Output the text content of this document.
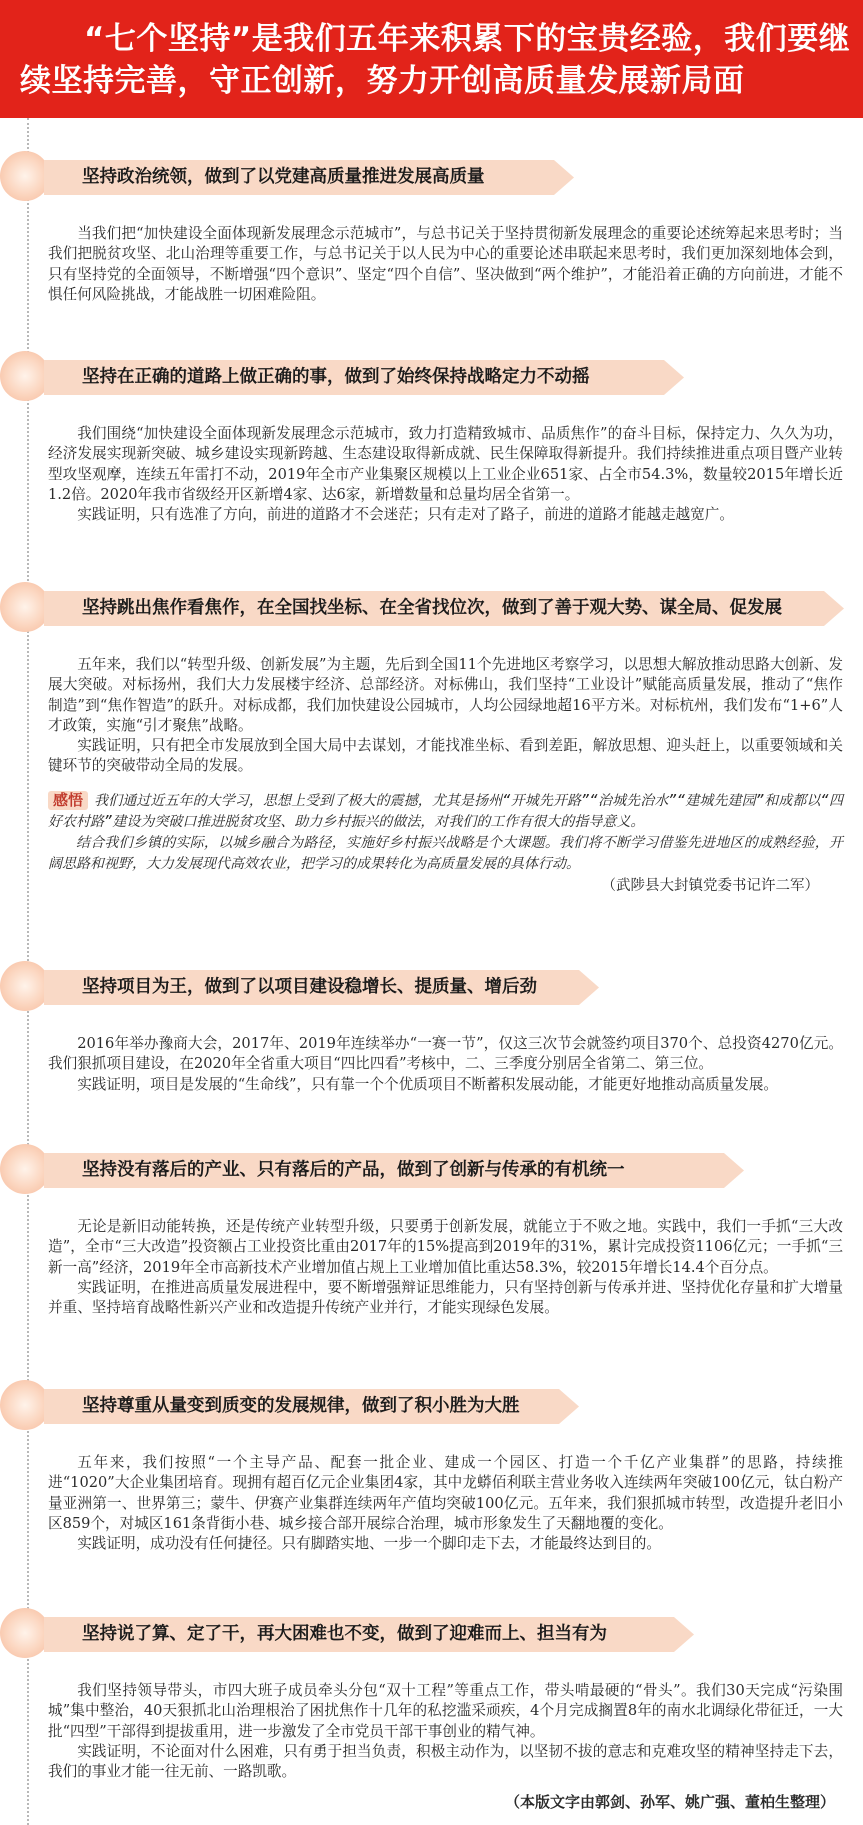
“七个坚持”是我们五年来积累下的宝贵经验，我们要继续坚持完善，守正创新，努力开创高质量发展新局面
坚持政治统领，做到了以党建高质量推进发展高质量

当我们把“加快建设全面体现新发展理念示范城市”，与总书记关于坚持贯彻新发展理念的重要论述统筹起来思考时；当我们把脱贫攻坚、北山治理等重要工作，与总书记关于以人民为中心的重要论述串联起来思考时，我们更加深刻地体会到，只有坚持党的全面领导，不断增强“四个意识”、坚定“四个自信”、坚决做到“两个维护”，才能沿着正确的方向前进，才能不惧任何风险挑战，才能战胜一切困难险阻。

坚持在正确的道路上做正确的事，做到了始终保持战略定力不动摇

我们围绕“加快建设全面体现新发展理念示范城市，致力打造精致城市、品质焦作”的奋斗目标，保持定力、久久为功，经济发展实现新突破、城乡建设实现新跨越、生态建设取得新成就、民生保障取得新提升。我们持续推进重点项目暨产业转型攻坚观摩，连续五年雷打不动，2019年全市产业集聚区规模以上工业企业651家、占全市54.3%，数量较2015年增长近1.2倍。2020年我市省级经开区新增4家、达6家，新增数量和总量均居全省第一。

实践证明，只有选准了方向，前进的道路才不会迷茫；只有走对了路子，前进的道路才能越走越宽广。

坚持跳出焦作看焦作，在全国找坐标、在全省找位次，做到了善于观大势、谋全局、促发展

五年来，我们以“转型升级、创新发展”为主题，先后到全国11个先进地区考察学习，以思想大解放推动思路大创新、发展大突破。对标扬州，我们大力发展楼宇经济、总部经济。对标佛山，我们坚持“工业设计”赋能高质量发展，推动了“焦作制造”到“焦作智造”的跃升。对标成都，我们加快建设公园城市，人均公园绿地超16平方米。对标杭州，我们发布“1+6”人才政策，实施“引才聚焦”战略。

实践证明，只有把全市发展放到全国大局中去谋划，才能找准坐标、看到差距，解放思想、迎头赶上，以重要领域和关键环节的突破带动全局的发展。

感悟 我们通过近五年的大学习，思想上受到了极大的震撼，尤其是扬州“开城先开路”“治城先治水”“建城先建园”和成都以“四好农村路”建设为突破口推进脱贫攻坚、助力乡村振兴的做法，对我们的工作有很大的指导意义。

结合我们乡镇的实际，以城乡融合为路径，实施好乡村振兴战略是个大课题。我们将不断学习借鉴先进地区的成熟经验，开阔思路和视野，大力发展现代高效农业，把学习的成果转化为高质量发展的具体行动。

（武陟县大封镇党委书记许二军）

坚持项目为王，做到了以项目建设稳增长、提质量、增后劲

2016年举办豫商大会，2017年、2019年连续举办“一赛一节”，仅这三次节会就签约项目370个、总投资4270亿元。我们狠抓项目建设，在2020年全省重大项目“四比四看”考核中，二、三季度分别居全省第二、第三位。

实践证明，项目是发展的“生命线”，只有靠一个个优质项目不断蓄积发展动能，才能更好地推动高质量发展。

坚持没有落后的产业、只有落后的产品，做到了创新与传承的有机统一

无论是新旧动能转换，还是传统产业转型升级，只要勇于创新发展，就能立于不败之地。实践中，我们一手抓“三大改造”，全市“三大改造”投资额占工业投资比重由2017年的15%提高到2019年的31%，累计完成投资1106亿元；一手抓“三新一高”经济，2019年全市高新技术产业增加值占规上工业增加值比重达58.3%，较2015年增长14.4个百分点。

实践证明，在推进高质量发展进程中，要不断增强辩证思维能力，只有坚持创新与传承并进、坚持优化存量和扩大增量并重、坚持培育战略性新兴产业和改造提升传统产业并行，才能实现绿色发展。

坚持尊重从量变到质变的发展规律，做到了积小胜为大胜

五年来，我们按照“一个主导产品、配套一批企业、建成一个园区、打造一个千亿产业集群”的思路，持续推进“1020”大企业集团培育。现拥有超百亿元企业集团4家，其中龙蟒佰利联主营业务收入连续两年突破100亿元，钛白粉产量亚洲第一、世界第三；蒙牛、伊赛产业集群连续两年产值均突破100亿元。五年来，我们狠抓城市转型，改造提升老旧小区859个，对城区161条背街小巷、城乡接合部开展综合治理，城市形象发生了天翻地覆的变化。

实践证明，成功没有任何捷径。只有脚踏实地、一步一个脚印走下去，才能最终达到目的。

坚持说了算、定了干，再大困难也不变，做到了迎难而上、担当有为

我们坚持领导带头，市四大班子成员牵头分包“双十工程”等重点工作，带头啃最硬的“骨头”。我们30天完成“污染围城”集中整治，40天狠抓北山治理根治了困扰焦作十几年的私挖滥采顽疾，4个月完成搁置8年的南水北调绿化带征迁，一大批“四型”干部得到提拔重用，进一步激发了全市党员干部干事创业的精气神。

实践证明，不论面对什么困难，只有勇于担当负责，积极主动作为，以坚韧不拔的意志和克难攻坚的精神坚持走下去，我们的事业才能一往无前、一路凯歌。

（本版文字由郭剑、孙军、姚广强、董柏生整理）
